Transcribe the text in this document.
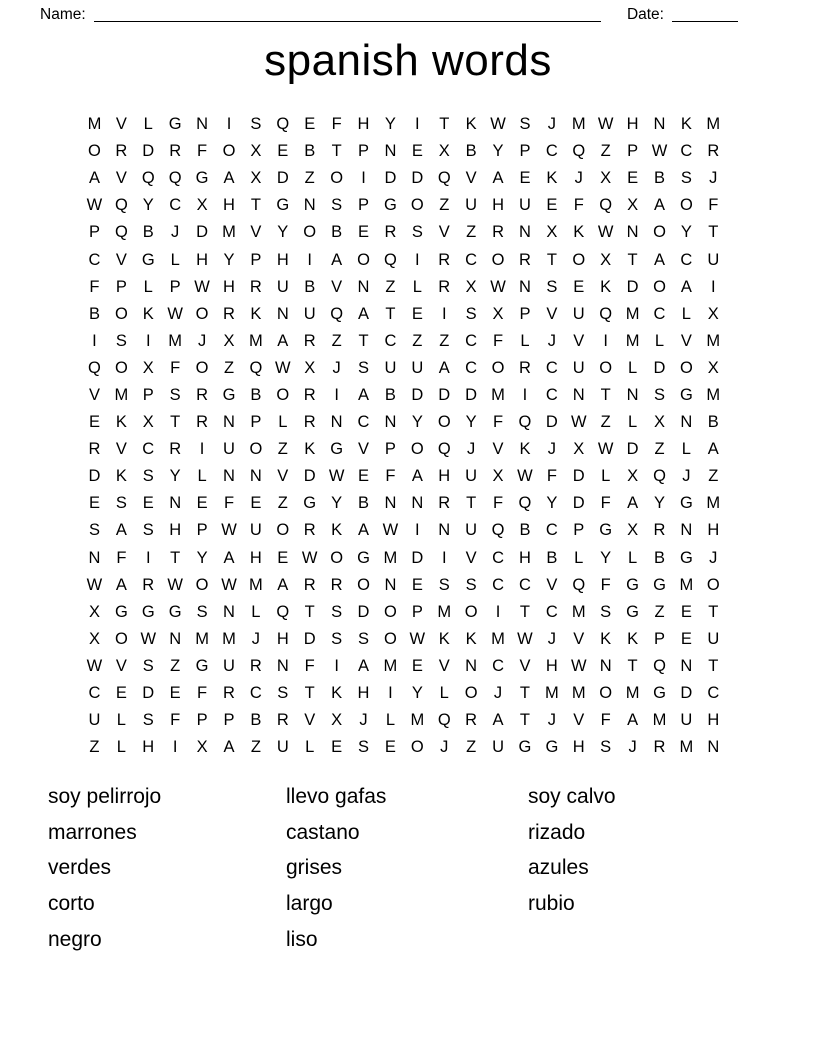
Name:	Date:
spanish words
M V	L G N	I	S Q E F H Y	I	T K W S	J M W H N K M
O R D R F O X E B T P N E X B Y P C Q Z P W C R
A V Q Q G A X D Z O	I	D D Q V A E K	J	X E B S	J
W Q Y C X H T G N S P G O Z U H U E F Q X A O F
P Q B	J	D M V Y O B E R S V Z R N X K W N O Y T
C V G L H Y P H	I	A O Q	I	R C O R T O X T A C U
F P	L	P W H R U B V N Z	L R X W N S E K D O A	I
B O K W O R K N U Q A T E	I	S X P V U Q M C L	X
I	S	I	M J	X M A R Z	T C Z	Z C F	L	J	V	I	M L	V M
Q O X F O Z Q W X	J	S U U A C O R C U O L D O X
V M P S R G B O R	I	A B D D D M	I	C N T N S G M
E K X T R N P	L R N C N Y O Y F Q D W Z	L	X N B
R V C R	I	U O Z K G V P O Q J	V K	J	X W D Z	L	A
D K S Y	L N N V D W E F A H U X W F D L	X Q J	Z
E S E N E F E Z G Y B N N R T	F Q Y D F A Y G M
S A S H P W U O R K A W	I	N U Q B C P G X R N H
N F	I	T Y A H E W O G M D	I	V C H B	L	Y	L	B G J
W A R W O W M A R R O N E S S C C V Q F G G M O
X G G G S N L Q T S D O P M O	I	T C M S G Z E T
X O W N M M J	H D S S O W K K M W J	V K K P E U
W V S Z G U R N F	I	A M E V N C V H W N T Q N T
C E D E F R C S T K H	I	Y	L O J	T M M O M G D C
U L	S F P P B R V X	J	L M Q R A T	J	V F A M U H
Z	L H	I	X A Z U L	E S E O J	Z U G G H S	J	R M N
soy pelirrojo
marrones
verdes
corto
negro
llevo gafas
castano
grises
largo
liso
soy calvo
rizado
azules
rubio
